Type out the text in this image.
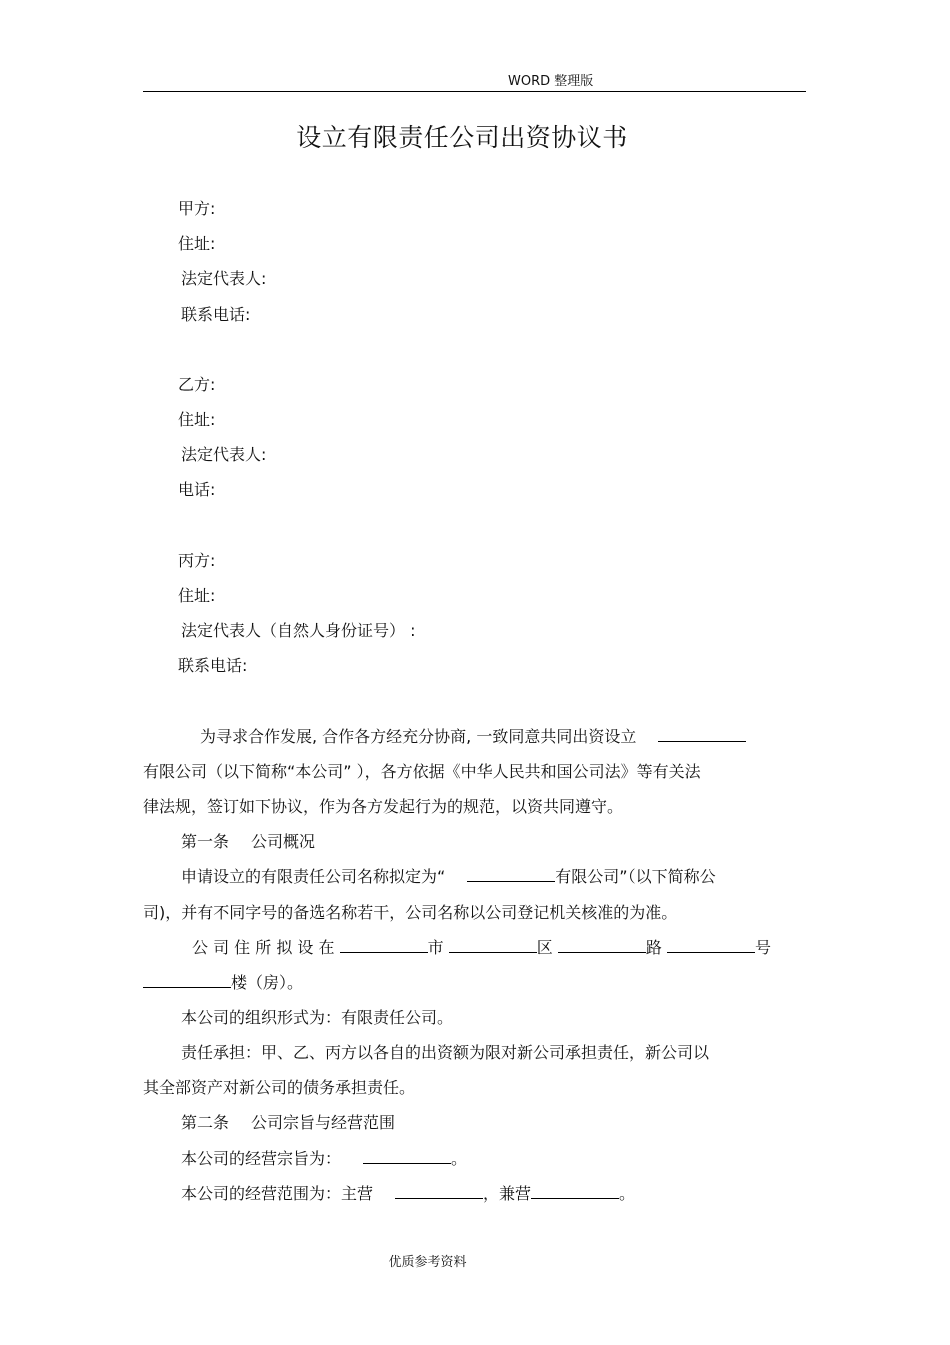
WORD 整理版
设立有限责任公司出资协议书
甲方:
住址:
法定代表人:
联系电话:
乙方:
住址:
法定代表人:
电话:
丙方:
住址:
法定代表人（自然人身份证号） :
联系电话:
为寻求合作发展, 合作各方经充分协商, 一致同意共同出资设立
有限公司（以下简称“本公司” ），各方依据《中华人民共和国公司法》等有关法
律法规，签订如下协议，作为各方发起行为的规范，以资共同遵守。
第一条 公司概况
申请设立的有限责任公司名称拟定为“	有限公司”（以下简称公
司)，并有不同字号的备选名称若干，公司名称以公司登记机关核准的为准。
公 司 住 所 拟 设 在	市	区	路	号
楼（房）。
本公司的组织形式为：有限责任公司。
责任承担：甲、乙、丙方以各自的出资额为限对新公司承担责任，新公司以
其全部资产对新公司的债务承担责任。
第二条 公司宗旨与经营范围
本公司的经营宗旨为：	。
本公司的经营范围为：主营	，兼营	。
优质参考资料
